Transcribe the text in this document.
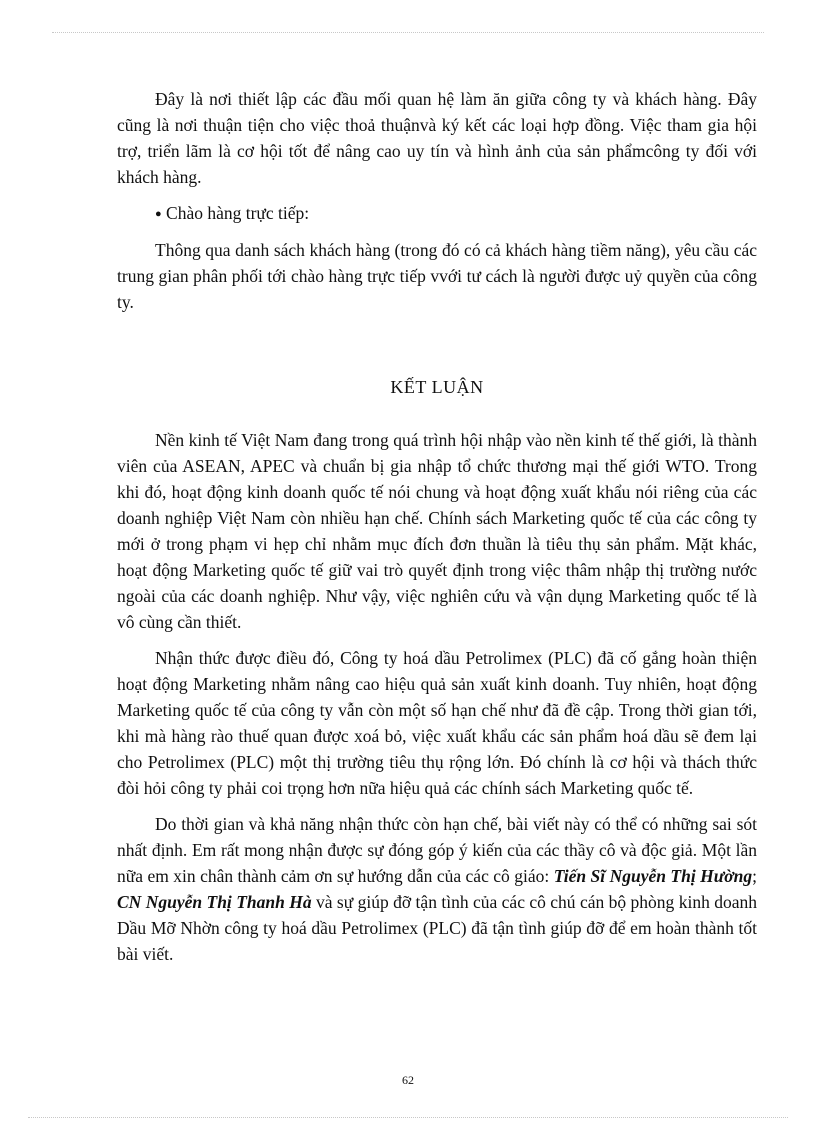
Đây là nơi thiết lập các đầu mối quan hệ làm ăn giữa công ty và khách hàng. Đây cũng là nơi thuận tiện cho việc thoả thuậnvà ký kết các loại hợp đồng. Việc tham gia hội trợ, triển lãm là cơ hội tốt để nâng cao uy tín và hình ảnh của sản phẩmcông ty đối với khách hàng.

● Chào hàng trực tiếp:

Thông qua danh sách khách hàng (trong đó có cả khách hàng tiềm năng), yêu cầu các trung gian phân phối tới chào hàng trực tiếp vvới tư cách là người được uỷ quyền của công ty.

KẾT LUẬN

Nền kinh tế Việt Nam đang trong quá trình hội nhập vào nền kinh tế thế giới, là thành viên của ASEAN, APEC và chuẩn bị gia nhập tổ chức thương mại thế giới WTO. Trong khi đó, hoạt động kinh doanh quốc tế nói chung và hoạt động xuất khẩu nói riêng của các doanh nghiệp Việt Nam còn nhiều hạn chế. Chính sách Marketing quốc tế của các công ty mới ở trong phạm vi hẹp chỉ nhằm mục đích đơn thuần là tiêu thụ sản phẩm. Mặt khác, hoạt động Marketing quốc tế giữ vai trò quyết định trong việc thâm nhập thị trường nước ngoài của các doanh nghiệp. Như vậy, việc nghiên cứu và vận dụng Marketing quốc tế là vô cùng cần thiết.

Nhận thức được điều đó, Công ty hoá dầu Petrolimex (PLC) đã cố gắng hoàn thiện hoạt động Marketing nhằm nâng cao hiệu quả sản xuất kinh doanh. Tuy nhiên, hoạt động Marketing quốc tế của công ty vẫn còn một số hạn chế như đã đề cập. Trong thời gian tới, khi mà hàng rào thuế quan được xoá bỏ, việc xuất khẩu các sản phẩm hoá dầu sẽ đem lại cho Petrolimex (PLC) một thị trường tiêu thụ rộng lớn. Đó chính là cơ hội và thách thức đòi hỏi công ty phải coi trọng hơn nữa hiệu quả các chính sách Marketing quốc tế.

Do thời gian và khả năng nhận thức còn hạn chế, bài viết này có thể có những sai sót nhất định. Em rất mong nhận được sự đóng góp ý kiến của các thầy cô và độc giả. Một lần nữa em xin chân thành cảm ơn sự hướng dẫn của các cô giáo: Tiến Sĩ Nguyễn Thị Hường; CN Nguyễn Thị Thanh Hà và sự giúp đỡ tận tình của các cô chú cán bộ phòng kinh doanh Dầu Mỡ Nhờn công ty hoá dầu Petrolimex (PLC) đã tận tình giúp đỡ để em hoàn thành tốt bài viết.

62
